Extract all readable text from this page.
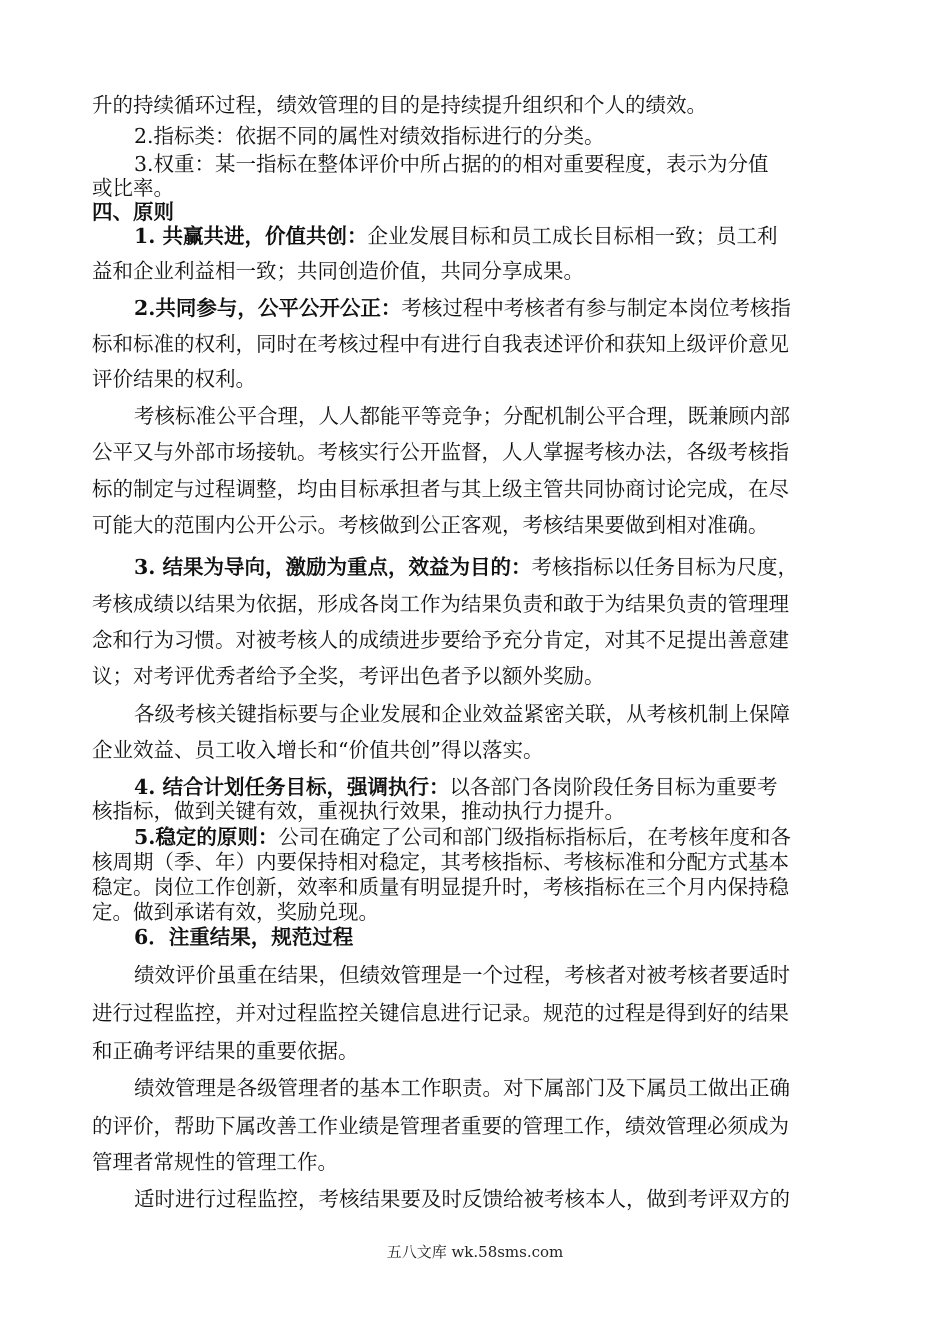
升的持续循环过程，绩效管理的目的是持续提升组织和个人的绩效。
2.指标类：依据不同的属性对绩效指标进行的分类。
3.权重：某一指标在整体评价中所占据的的相对重要程度，表示为分值
或比率。
四、原则
1. 共赢共进，价值共创：企业发展目标和员工成长目标相一致；员工利
益和企业利益相一致；共同创造价值，共同分享成果。
2.共同参与，公平公开公正：考核过程中考核者有参与制定本岗位考核指
标和标准的权利，同时在考核过程中有进行自我表述评价和获知上级评价意见
评价结果的权利。
考核标准公平合理，人人都能平等竞争；分配机制公平合理，既兼顾内部
公平又与外部市场接轨。考核实行公开监督，人人掌握考核办法，各级考核指
标的制定与过程调整，均由目标承担者与其上级主管共同协商讨论完成，在尽
可能大的范围内公开公示。考核做到公正客观，考核结果要做到相对准确。
3. 结果为导向，激励为重点，效益为目的：考核指标以任务目标为尺度，
考核成绩以结果为依据，形成各岗工作为结果负责和敢于为结果负责的管理理
念和行为习惯。对被考核人的成绩进步要给予充分肯定，对其不足提出善意建
议；对考评优秀者给予全奖，考评出色者予以额外奖励。
各级考核关键指标要与企业发展和企业效益紧密关联，从考核机制上保障
企业效益、员工收入增长和“价值共创”得以落实。
4. 结合计划任务目标，强调执行：以各部门各岗阶段任务目标为重要考
核指标，做到关键有效，重视执行效果，推动执行力提升。
5.稳定的原则：公司在确定了公司和部门级指标指标后，在考核年度和各
核周期（季、年）内要保持相对稳定，其考核指标、考核标准和分配方式基本
稳定。岗位工作创新，效率和质量有明显提升时，考核指标在三个月内保持稳
定。做到承诺有效，奖励兑现。
6．注重结果，规范过程
绩效评价虽重在结果，但绩效管理是一个过程，考核者对被考核者要适时
进行过程监控，并对过程监控关键信息进行记录。规范的过程是得到好的结果
和正确考评结果的重要依据。
绩效管理是各级管理者的基本工作职责。对下属部门及下属员工做出正确
的评价，帮助下属改善工作业绩是管理者重要的管理工作，绩效管理必须成为
管理者常规性的管理工作。
适时进行过程监控，考核结果要及时反馈给被考核本人，做到考评双方的
五八文库 wk.58sms.com
